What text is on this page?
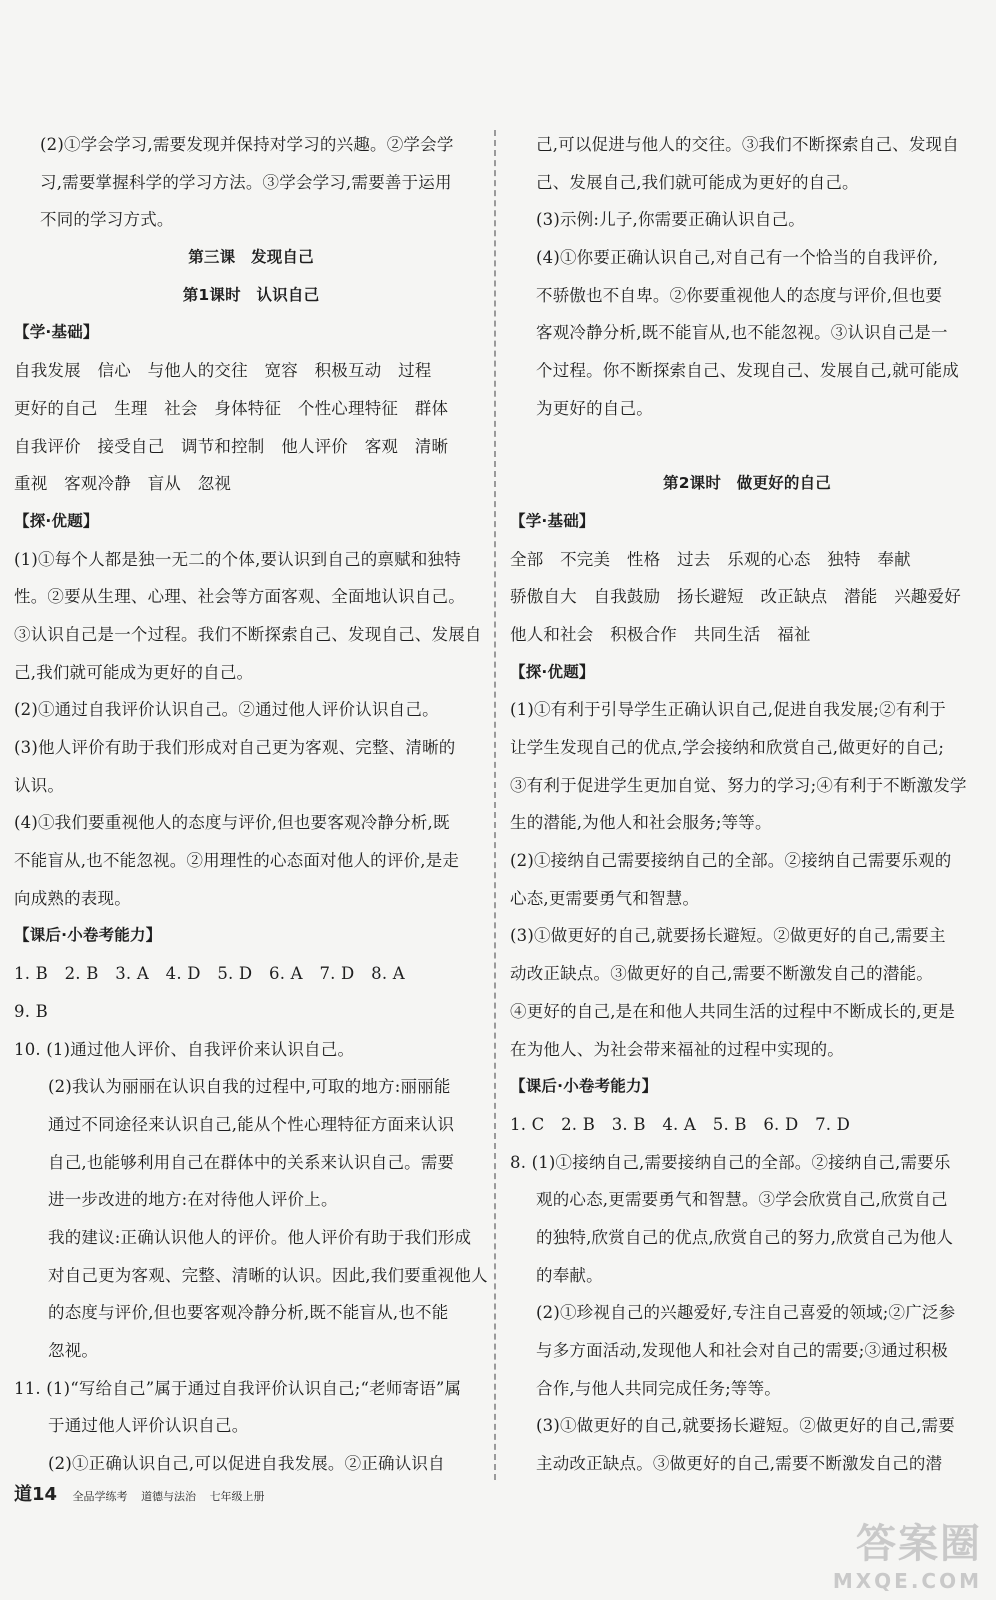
(2)①学会学习,需要发现并保持对学习的兴趣。②学会学
习,需要掌握科学的学习方法。③学会学习,需要善于运用
不同的学习方式。
第三课　发现自己
第1课时　认识自己
【学·基础】
自我发展　信心　与他人的交往　宽容　积极互动　过程
更好的自己　生理　社会　身体特征　个性心理特征　群体
自我评价　接受自己　调节和控制　他人评价　客观　清晰
重视　客观冷静　盲从　忽视
【探·优题】
(1)①每个人都是独一无二的个体,要认识到自己的禀赋和独特
性。②要从生理、心理、社会等方面客观、全面地认识自己。
③认识自己是一个过程。我们不断探索自己、发现自己、发展自
己,我们就可能成为更好的自己。
(2)①通过自我评价认识自己。②通过他人评价认识自己。
(3)他人评价有助于我们形成对自己更为客观、完整、清晰的
认识。
(4)①我们要重视他人的态度与评价,但也要客观冷静分析,既
不能盲从,也不能忽视。②用理性的心态面对他人的评价,是走
向成熟的表现。
【课后·小卷考能力】
1. B　2. B　3. A　4. D　5. D　6. A　7. D　8. A
9. B
10. (1)通过他人评价、自我评价来认识自己。
(2)我认为丽丽在认识自我的过程中,可取的地方:丽丽能
通过不同途径来认识自己,能从个性心理特征方面来认识
自己,也能够利用自己在群体中的关系来认识自己。需要
进一步改进的地方:在对待他人评价上。
我的建议:正确认识他人的评价。他人评价有助于我们形成
对自己更为客观、完整、清晰的认识。因此,我们要重视他人
的态度与评价,但也要客观冷静分析,既不能盲从,也不能
忽视。
11. (1)“写给自己”属于通过自我评价认识自己;“老师寄语”属
于通过他人评价认识自己。
(2)①正确认识自己,可以促进自我发展。②正确认识自
己,可以促进与他人的交往。③我们不断探索自己、发现自
己、发展自己,我们就可能成为更好的自己。
(3)示例:儿子,你需要正确认识自己。
(4)①你要正确认识自己,对自己有一个恰当的自我评价,
不骄傲也不自卑。②你要重视他人的态度与评价,但也要
客观冷静分析,既不能盲从,也不能忽视。③认识自己是一
个过程。你不断探索自己、发现自己、发展自己,就可能成
为更好的自己。
第2课时　做更好的自己
【学·基础】
全部　不完美　性格　过去　乐观的心态　独特　奉献
骄傲自大　自我鼓励　扬长避短　改正缺点　潜能　兴趣爱好
他人和社会　积极合作　共同生活　福祉
【探·优题】
(1)①有利于引导学生正确认识自己,促进自我发展;②有利于
让学生发现自己的优点,学会接纳和欣赏自己,做更好的自己;
③有利于促进学生更加自觉、努力的学习;④有利于不断激发学
生的潜能,为他人和社会服务;等等。
(2)①接纳自己需要接纳自己的全部。②接纳自己需要乐观的
心态,更需要勇气和智慧。
(3)①做更好的自己,就要扬长避短。②做更好的自己,需要主
动改正缺点。③做更好的自己,需要不断激发自己的潜能。
④更好的自己,是在和他人共同生活的过程中不断成长的,更是
在为他人、为社会带来福祉的过程中实现的。
【课后·小卷考能力】
1. C　2. B　3. B　4. A　5. B　6. D　7. D
8. (1)①接纳自己,需要接纳自己的全部。②接纳自己,需要乐
观的心态,更需要勇气和智慧。③学会欣赏自己,欣赏自己
的独特,欣赏自己的优点,欣赏自己的努力,欣赏自己为他人
的奉献。
(2)①珍视自己的兴趣爱好,专注自己喜爱的领域;②广泛参
与多方面活动,发现他人和社会对自己的需要;③通过积极
合作,与他人共同完成任务;等等。
(3)①做更好的自己,就要扬长避短。②做更好的自己,需要
主动改正缺点。③做更好的自己,需要不断激发自己的潜
道14 全品学练考 道德与法治 七年级上册
答案圈
MXQE.COM
